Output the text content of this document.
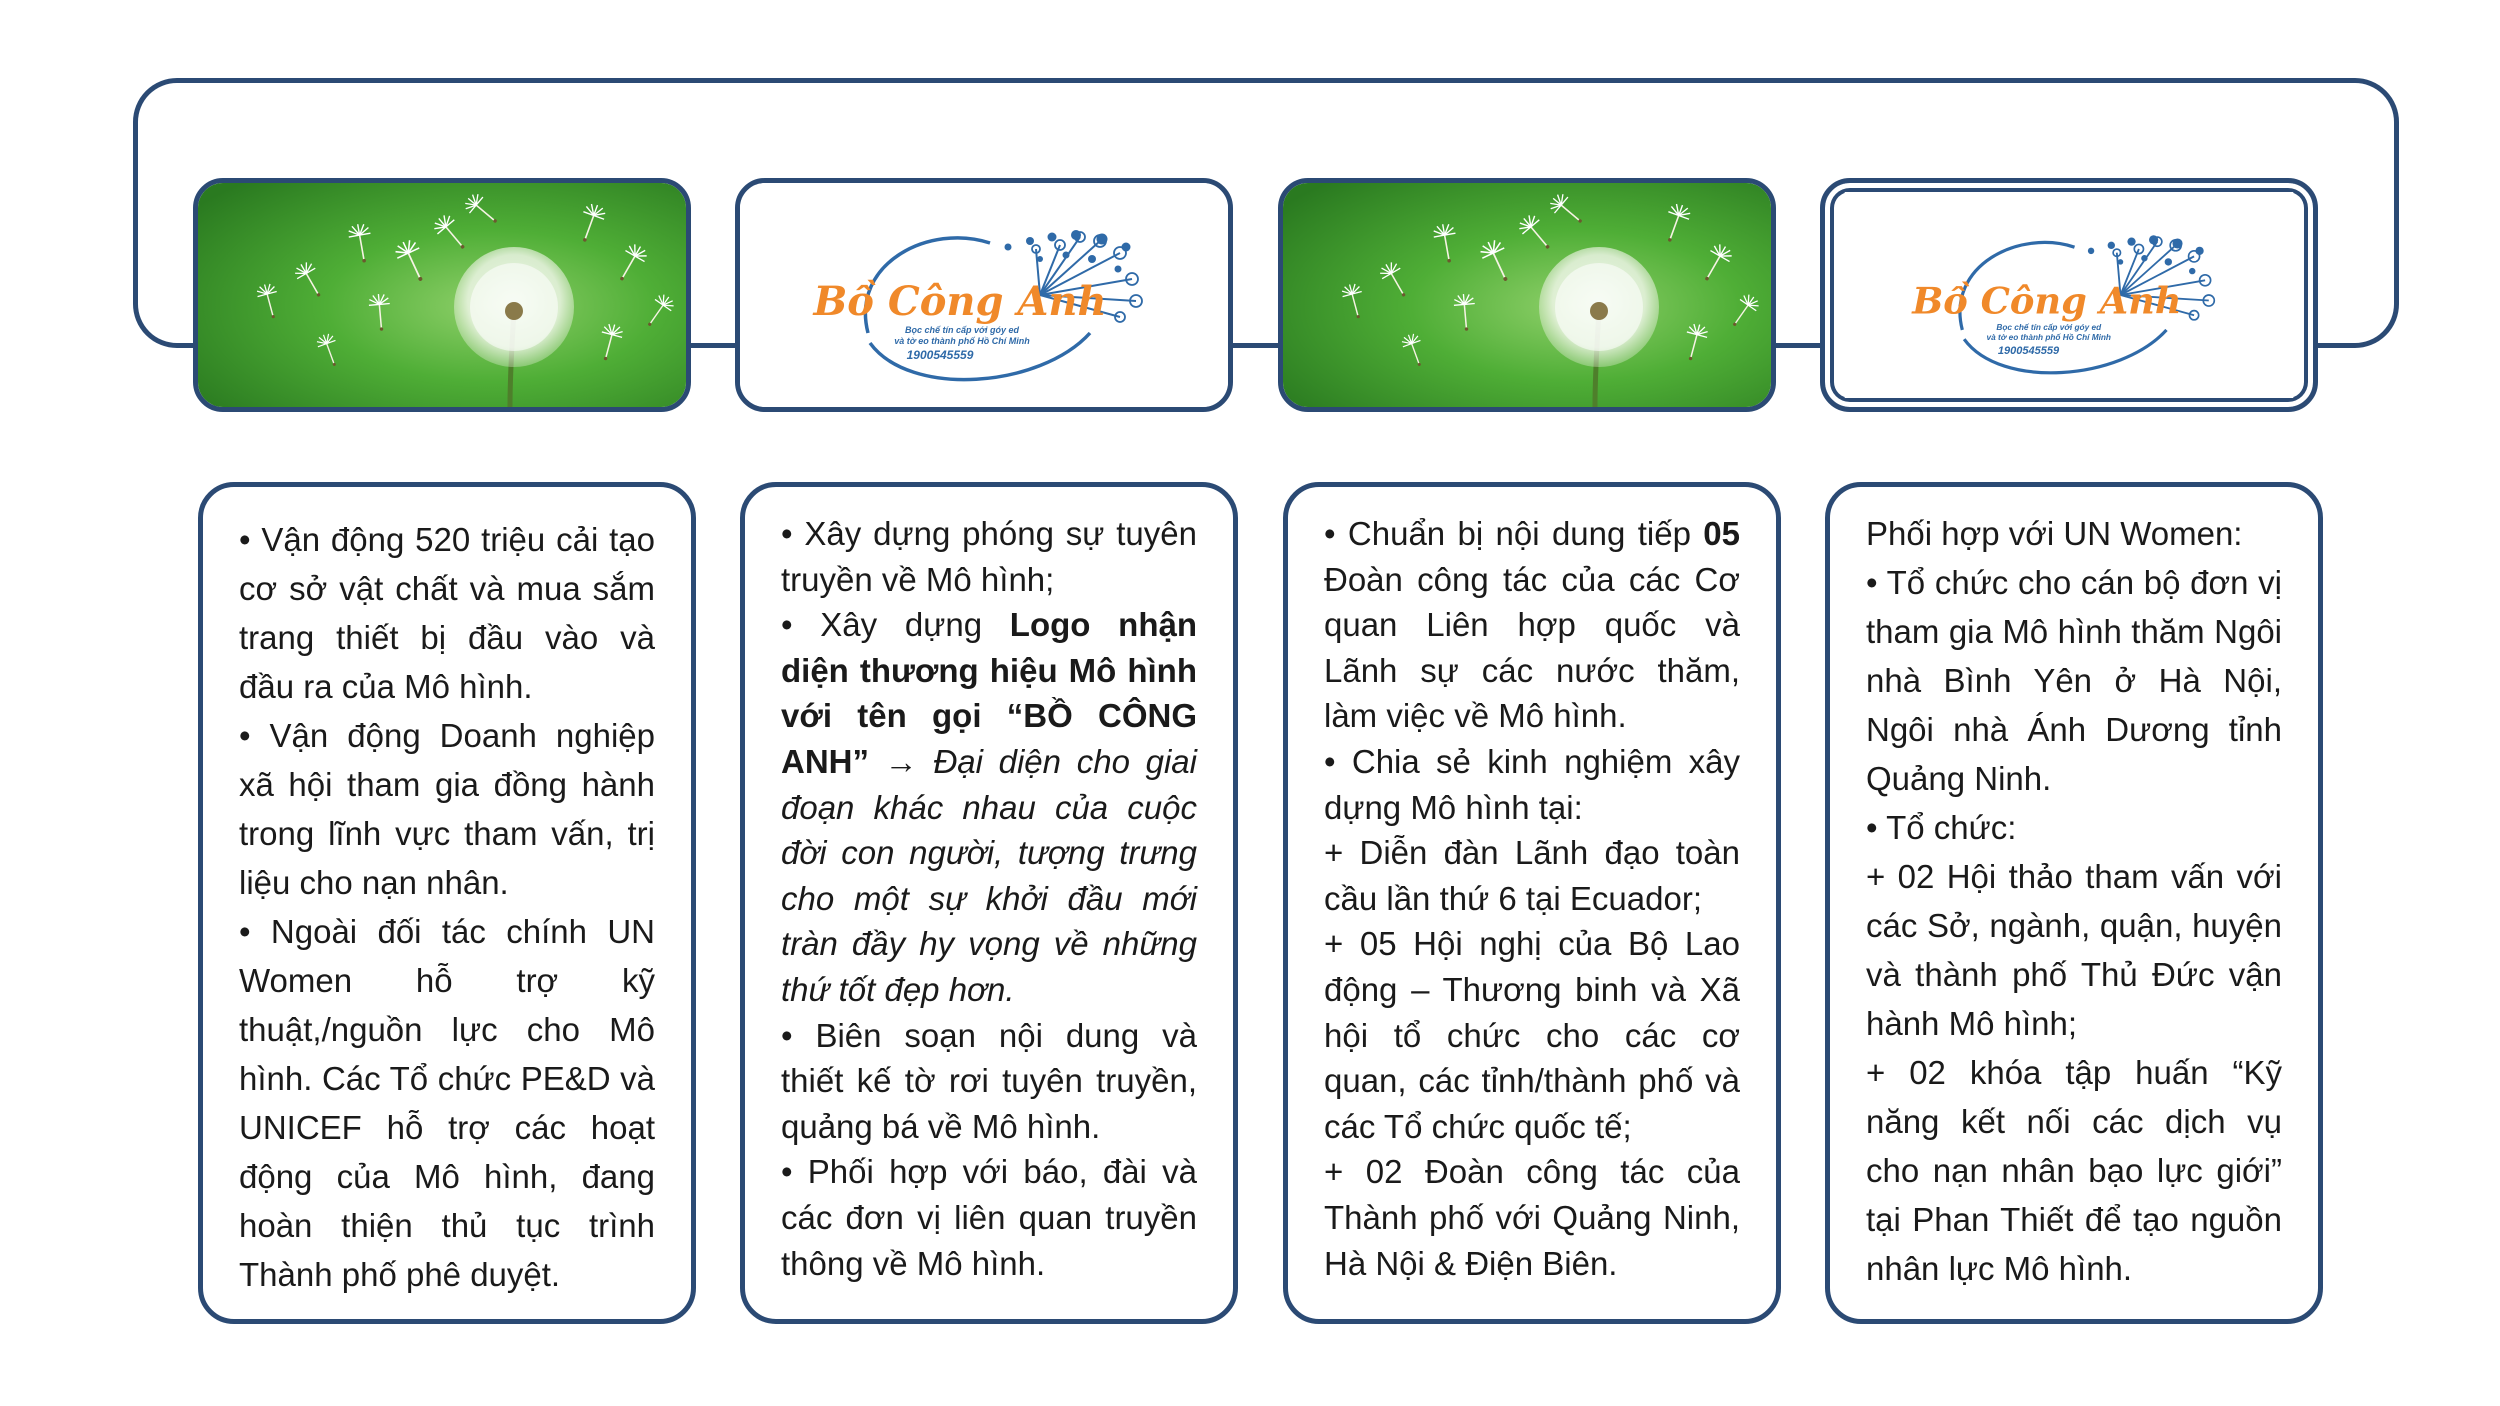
Bồ Công Anh
Bọc chế tín cấp với góy ed
và tờ eo thành phố Hồ Chí Minh
1900545559
Bồ Công Anh
Bọc chế tín cấp với góy ed
và tờ eo thành phố Hồ Chí Minh
1900545559

• Vận động 520 triệu cải tạo cơ sở vật chất và mua sắm trang thiết bị đầu vào và đầu ra của Mô hình.

• Vận động Doanh nghiệp xã hội tham gia đồng hành trong lĩnh vực tham vấn, trị liệu cho nạn nhân.

• Ngoài đối tác chính UN Women hỗ trợ kỹ thuật,/nguồn lực cho Mô hình. Các Tổ chức PE&D và UNICEF hỗ trợ các hoạt động của Mô hình, đang hoàn thiện thủ tục trình Thành phố phê duyệt.

• Xây dựng phóng sự tuyên truyền về Mô hình;

• Xây dựng Logo nhận diện thương hiệu Mô hình với tên gọi “BỒ CÔNG ANH” → Đại diện cho giai đoạn khác nhau của cuộc đời con người, tượng trưng cho một sự khởi đầu mới tràn đầy hy vọng về những thứ tốt đẹp hơn.

• Biên soạn nội dung và thiết kế tờ rơi tuyên truyền, quảng bá về Mô hình.

• Phối hợp với báo, đài và các đơn vị liên quan truyền thông về Mô hình.

• Chuẩn bị nội dung tiếp 05 Đoàn công tác của các Cơ quan Liên hợp quốc và Lãnh sự các nước thăm, làm việc về Mô hình.

• Chia sẻ kinh nghiệm xây dựng Mô hình tại:

+ Diễn đàn Lãnh đạo toàn cầu lần thứ 6 tại Ecuador;

+ 05 Hội nghị của Bộ Lao động – Thương binh và Xã hội tổ chức cho các cơ quan, các tỉnh/thành phố và các Tổ chức quốc tế;

+ 02 Đoàn công tác của Thành phố với Quảng Ninh, Hà Nội & Điện Biên.

Phối hợp với UN Women:

• Tổ chức cho cán bộ đơn vị tham gia Mô hình thăm Ngôi nhà Bình Yên ở Hà Nội, Ngôi nhà Ánh Dương tỉnh Quảng Ninh.

• Tổ chức:

+ 02 Hội thảo tham vấn với các Sở, ngành, quận, huyện và thành phố Thủ Đức vận hành Mô hình;

+ 02 khóa tập huấn “Kỹ năng kết nối các dịch vụ cho nạn nhân bạo lực giới” tại Phan Thiết để tạo nguồn nhân lực Mô hình.
